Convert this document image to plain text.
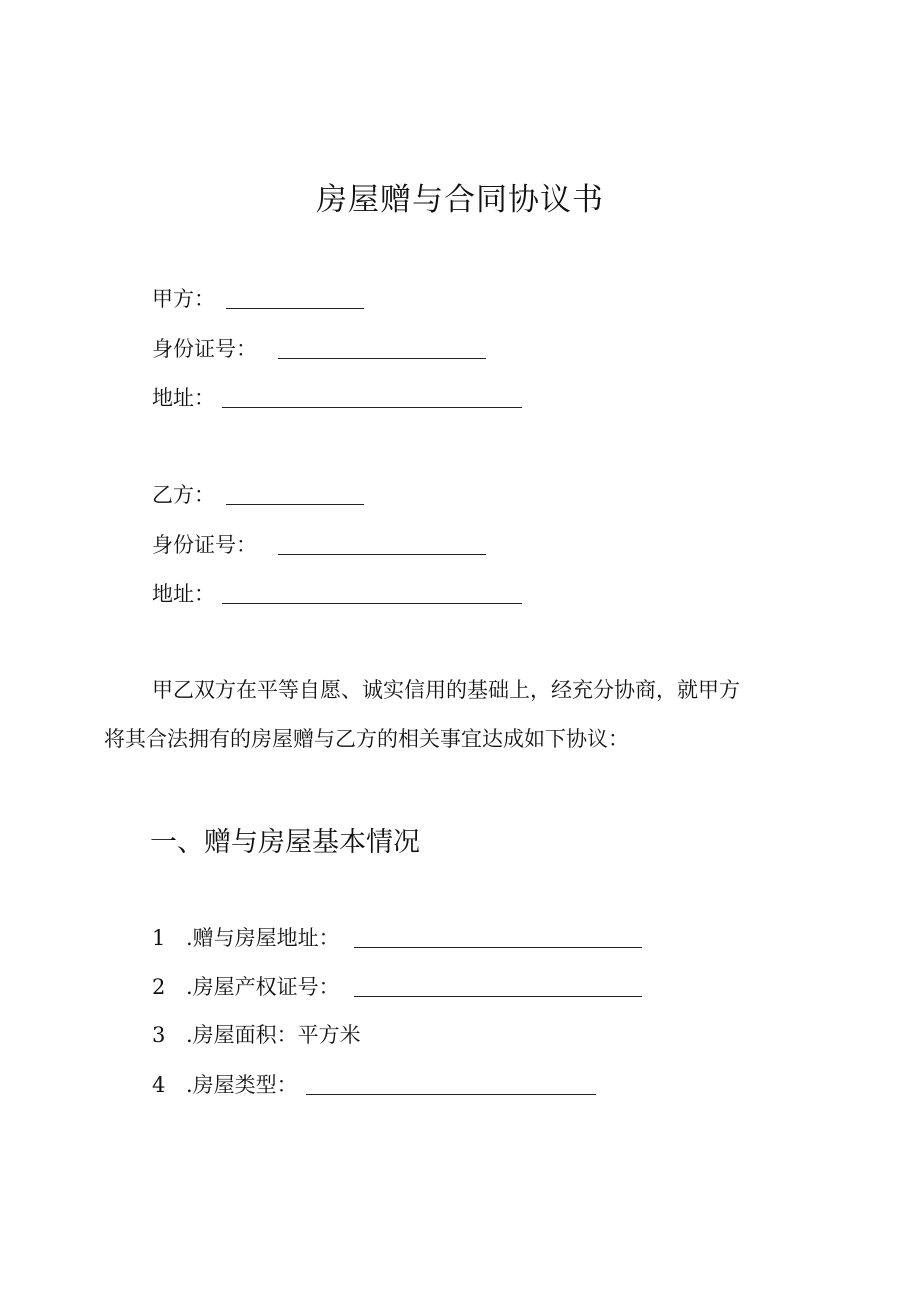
房屋赠与合同协议书
甲方：
身份证号：
地址：
乙方：
身份证号：
地址：
甲乙双方在平等自愿、诚实信用的基础上，经充分协商，就甲方
将其合法拥有的房屋赠与乙方的相关事宜达成如下协议：
一、赠与房屋基本情况
1 .赠与房屋地址：
2 .房屋产权证号：
3 .房屋面积：平方米
4 .房屋类型：
